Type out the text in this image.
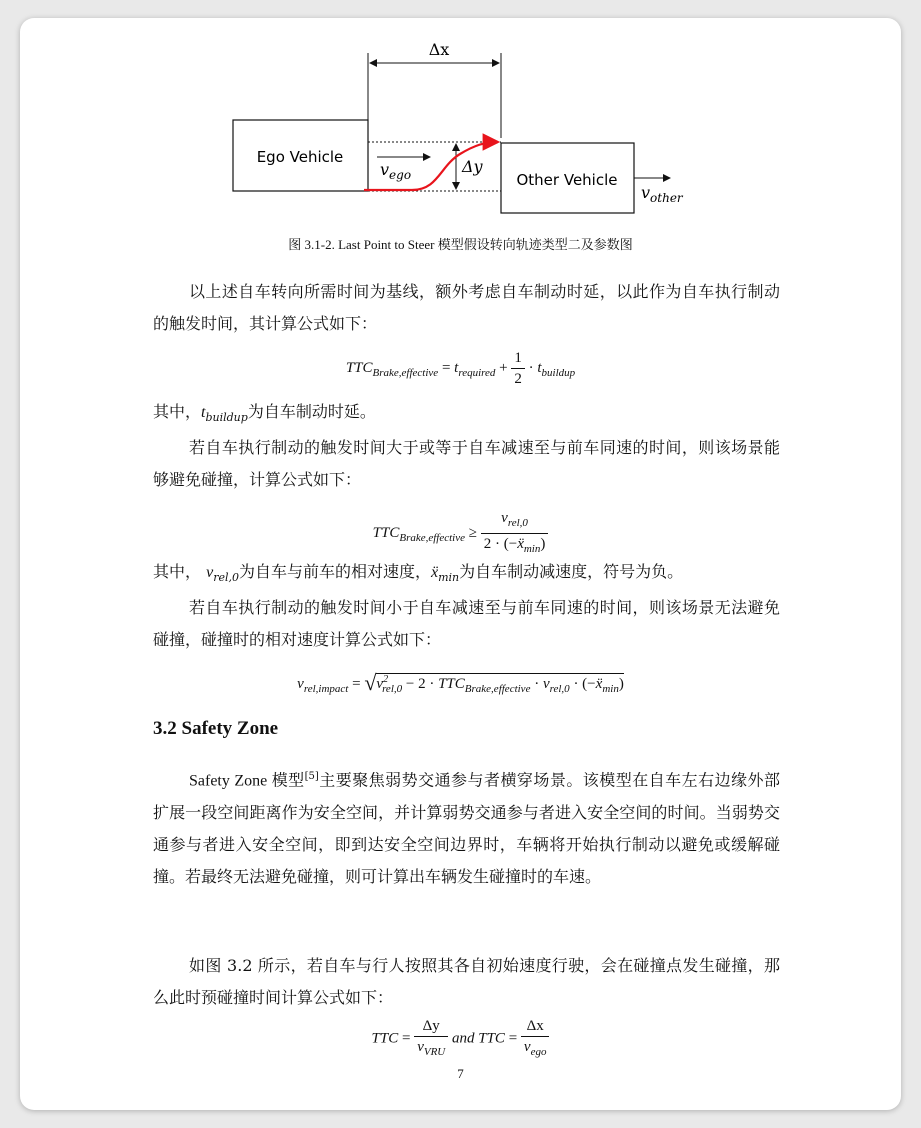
Ego Vehicle
Other Vehicle
Δx
Δy
$v_{ego}$
$v_{other}$
图 3.1-2. Last Point to Steer 模型假设转向轨迹类型二及参数图

以上述自车转向所需时间为基线，额外考虑自车制动时延，以此作为自车执行制动的触发时间，其计算公式如下：

$TTC_{Brake,effective} = t_{required} + \frac{1}{2} \cdot t_{buildup}$

其中，$t_{buildup}$为自车制动时延。

若自车执行制动的触发时间大于或等于自车减速至与前车同速的时间，则该场景能够避免碰撞，计算公式如下：

$TTC_{Brake,effective} \ge \frac{v_{rel,0}}{2 \cdot (-ẍ_{min})}$

其中， $v_{rel,0}$为自车与前车的相对速度，ẍ$_{min}$为自车制动减速度，符号为负。

若自车执行制动的触发时间小于自车减速至与前车同速的时间，则该场景无法避免碰撞，碰撞时的相对速度计算公式如下：

$v_{rel,impact} = √v^2_{rel,0} - 2 \cdot TTC_{Brake,effective} \cdot v_{rel,0}$ · (−ẍ$_{min}$)
3.2 Safety Zone

Safety Zone 模型[5]主要聚焦弱势交通参与者横穿场景。该模型在自车左右边缘外部扩展一段空间距离作为安全空间，并计算弱势交通参与者进入安全空间的时间。当弱势交通参与者进入安全空间，即到达安全空间边界时，车辆将开始执行制动以避免或缓解碰撞。若最终无法避免碰撞，则可计算出车辆发生碰撞时的车速。

如图 3.2 所示，若自车与行人按照其各自初始速度行驶，会在碰撞点发生碰撞，那么此时预碰撞时间计算公式如下：

TTC = $\frac{\Delta y}{v_{VRU}}$ and TTC = $\frac{\Delta x}{v_{ego}}$
7
